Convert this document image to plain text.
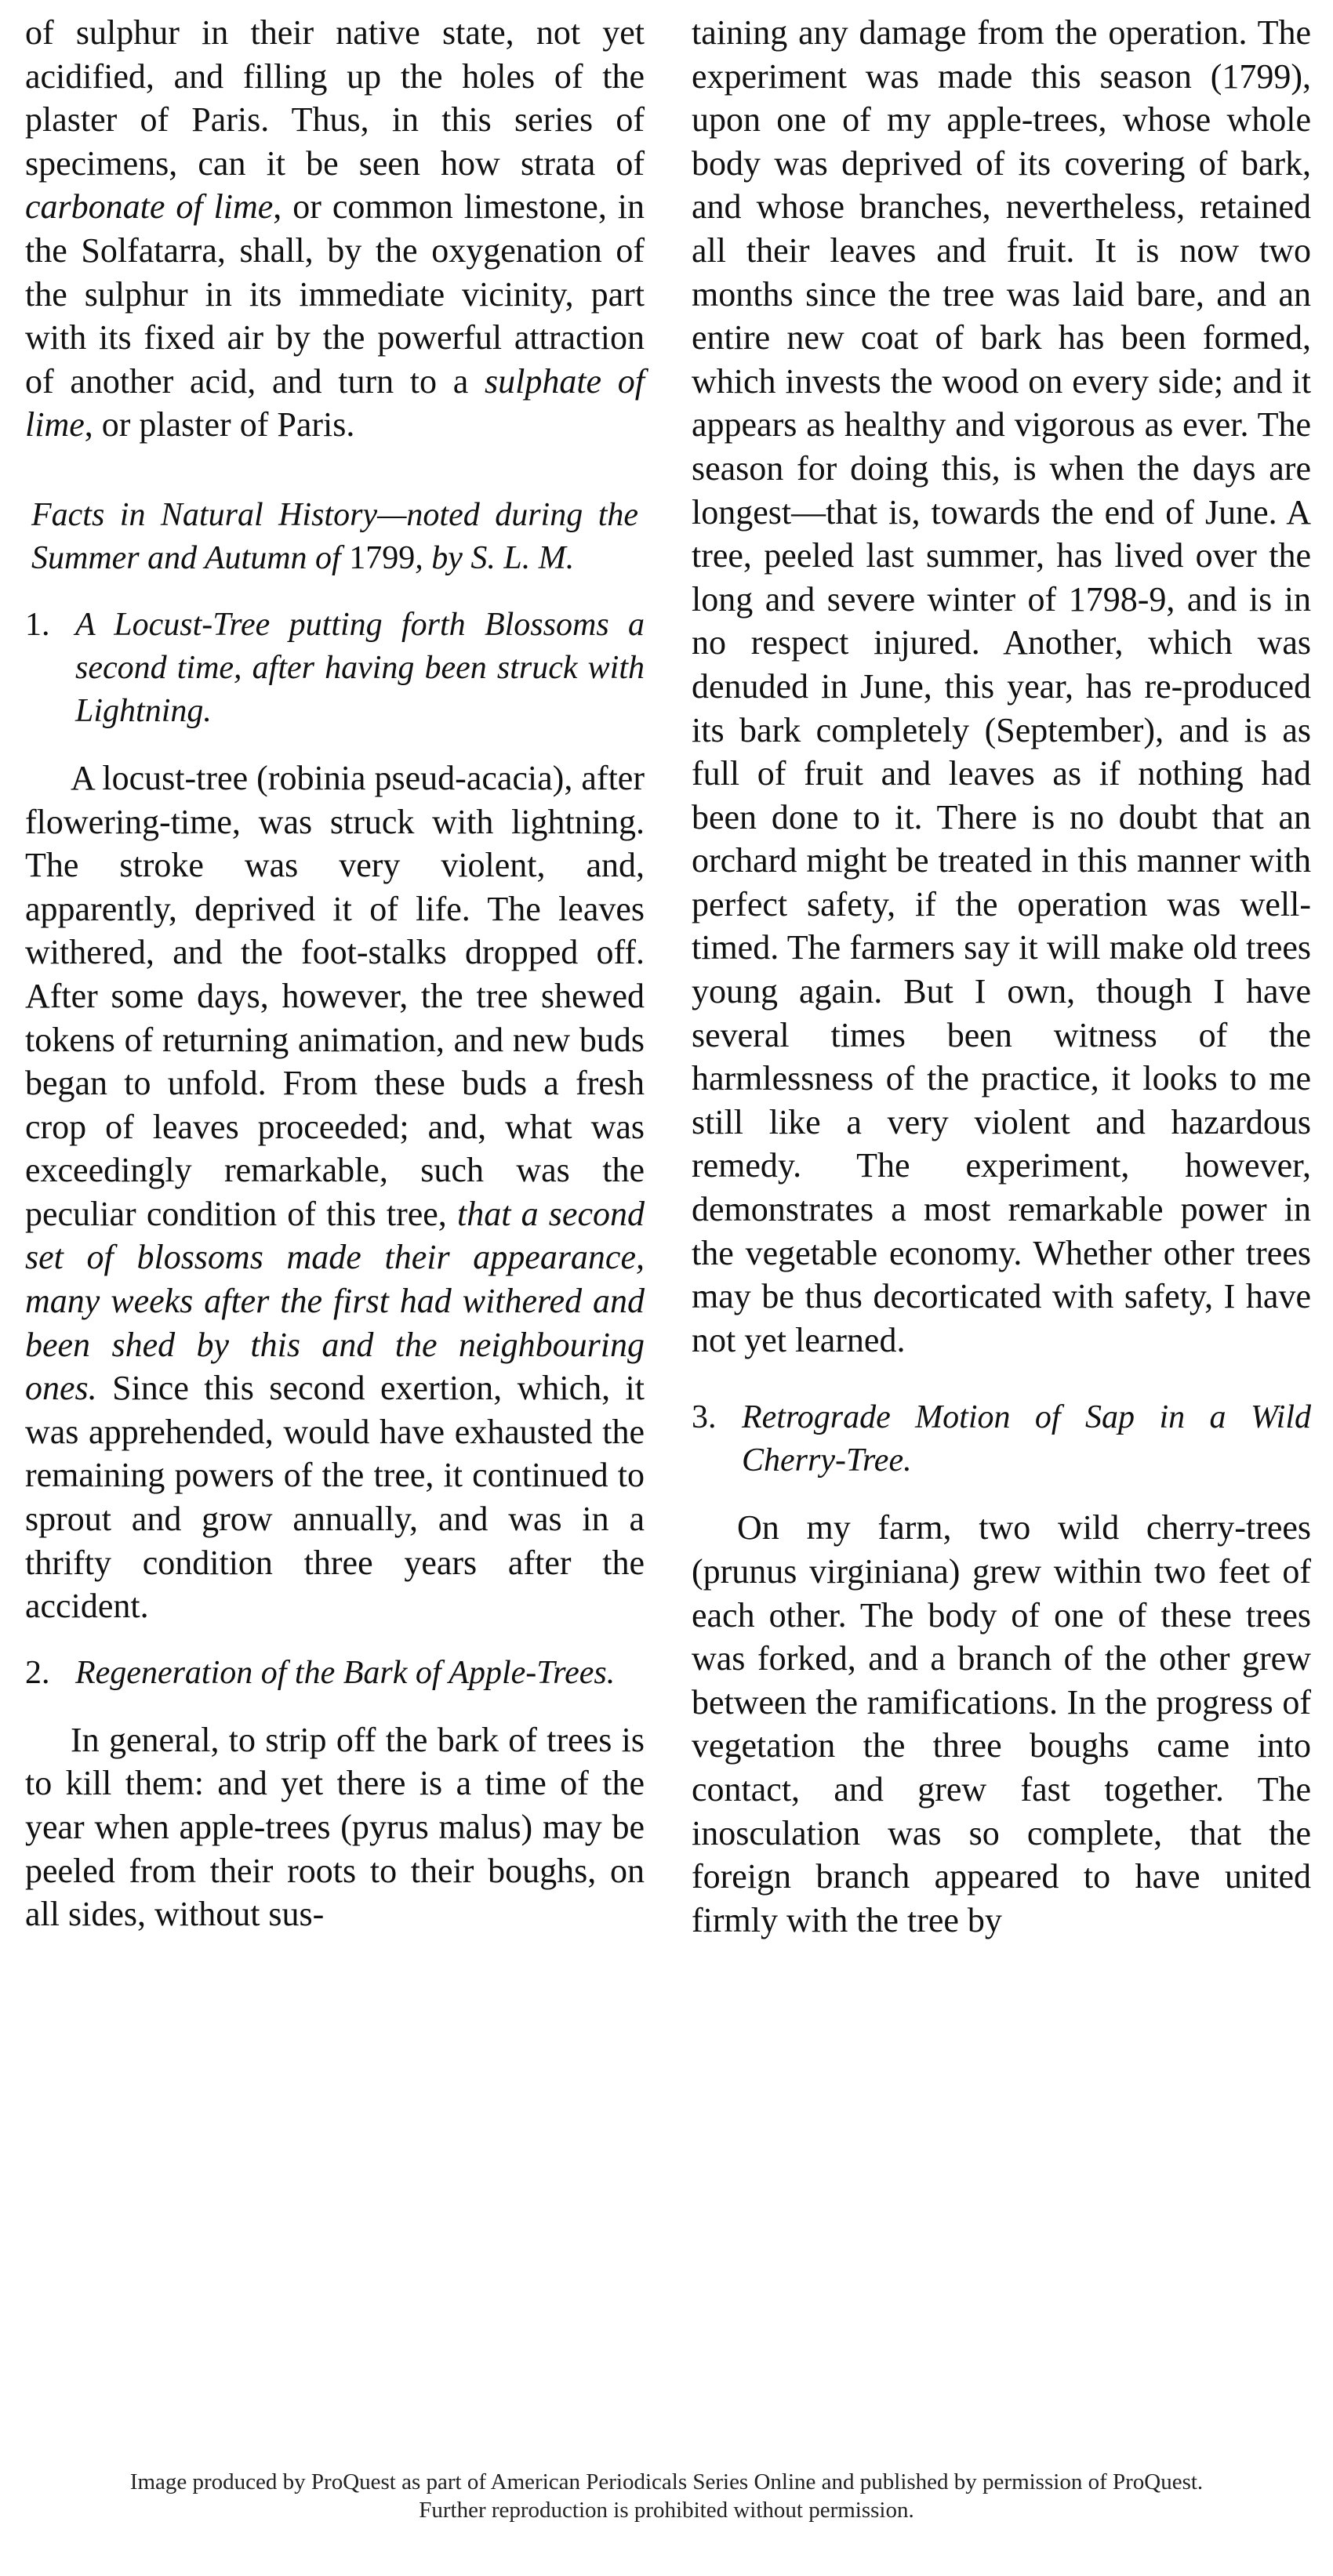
of sulphur in their native state, not yet acidified, and filling up the holes of the plaster of Paris. Thus, in this series of specimens, can it be seen how strata of carbonate of lime, or common limestone, in the Solfatarra, shall, by the oxygenation of the sulphur in its immediate vicinity, part with its fixed air by the powerful attraction of another acid, and turn to a sulphate of lime, or plaster of Paris.

Facts in Natural History—noted during the Summer and Autumn of 1799, by S. L. M.

1. A Locust-Tree putting forth Blossoms a second time, after having been struck with Lightning.

A locust-tree (robinia pseud-acacia), after flowering-time, was struck with lightning. The stroke was very violent, and, apparently, deprived it of life. The leaves withered, and the foot-stalks dropped off. After some days, however, the tree shewed tokens of returning animation, and new buds began to unfold. From these buds a fresh crop of leaves proceeded; and, what was exceedingly remarkable, such was the peculiar condition of this tree, that a second set of blossoms made their appearance, many weeks after the first had withered and been shed by this and the neighbouring ones. Since this second exertion, which, it was apprehended, would have exhausted the remaining powers of the tree, it continued to sprout and grow annually, and was in a thrifty condition three years after the accident.

2. Regeneration of the Bark of Apple-Trees.

In general, to strip off the bark of trees is to kill them: and yet there is a time of the year when apple-trees (pyrus malus) may be peeled from their roots to their boughs, on all sides, without sus-

taining any damage from the operation. The experiment was made this season (1799), upon one of my apple-trees, whose whole body was deprived of its covering of bark, and whose branches, nevertheless, retained all their leaves and fruit. It is now two months since the tree was laid bare, and an entire new coat of bark has been formed, which invests the wood on every side; and it appears as healthy and vigorous as ever. The season for doing this, is when the days are longest—that is, towards the end of June. A tree, peeled last summer, has lived over the long and severe winter of 1798-9, and is in no respect injured. Another, which was denuded in June, this year, has re-produced its bark completely (September), and is as full of fruit and leaves as if nothing had been done to it. There is no doubt that an orchard might be treated in this manner with perfect safety, if the operation was well-timed. The farmers say it will make old trees young again. But I own, though I have several times been witness of the harmlessness of the practice, it looks to me still like a very violent and hazardous remedy. The experiment, however, demonstrates a most remarkable power in the vegetable economy. Whether other trees may be thus decorticated with safety, I have not yet learned.

3. Retrograde Motion of Sap in a Wild Cherry-Tree.

On my farm, two wild cherry-trees (prunus virginiana) grew within two feet of each other. The body of one of these trees was forked, and a branch of the other grew between the ramifications. In the progress of vegetation the three boughs came into contact, and grew fast together. The inosculation was so complete, that the foreign branch appeared to have united firmly with the tree by

Image produced by ProQuest as part of American Periodicals Series Online and published by permission of ProQuest.
Further reproduction is prohibited without permission.
